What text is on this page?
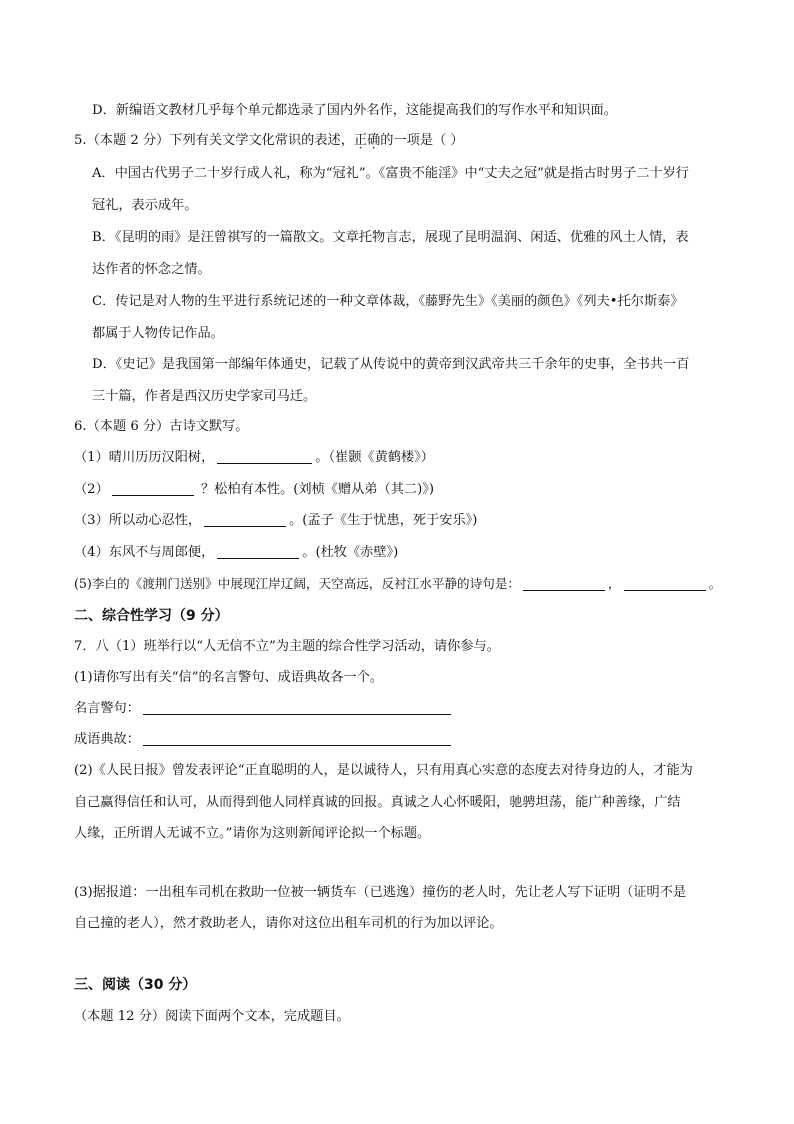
D．新编语文教材几乎每个单元都选录了国内外名作，这能提高我们的写作水平和知识面。
5.（本题 2 分）下列有关文学文化常识的表述，正确的一项是（ ）
A．中国古代男子二十岁行成人礼，称为“冠礼”。《富贵不能淫》中“丈夫之冠”就是指古时男子二十岁行
冠礼，表示成年。
B．《昆明的雨》是汪曾祺写的一篇散文。文章托物言志，展现了昆明温润、闲适、优雅的风土人情，表
达作者的怀念之情。
C．传记是对人物的生平进行系统记述的一种文章体裁，《藤野先生》《美丽的颜色》《列夫•托尔斯泰》
都属于人物传记作品。
D．《史记》是我国第一部编年体通史，记载了从传说中的黄帝到汉武帝共三千余年的史事，全书共一百
三十篇，作者是西汉历史学家司马迁。
6.（本题 6 分）古诗文默写。
（1）晴川历历汉阳树，	。（崔颢《黄鹤楼》）
（2）	？松柏有本性。(刘桢《赠从弟（其二)》)
（3）所以动心忍性，	。(孟子《生于忧患，死于安乐》)
（4）东风不与周郎便，	。(杜牧《赤壁》)
(5)李白的《渡荆门送别》中展现江岸辽阔，天空高远，反衬江水平静的诗句是：	，	。
二、综合性学习（9 分）
7．八（1）班举行以“人无信不立”为主题的综合性学习活动，请你参与。
(1)请你写出有关“信”的名言警句、成语典故各一个。
名言警句：
成语典故：
(2)《人民日报》曾发表评论“正直聪明的人，是以诚待人，只有用真心实意的态度去对待身边的人，才能为
自己赢得信任和认可，从而得到他人同样真诚的回报。真诚之人心怀暖阳，驰骋坦荡，能广种善缘，广结
人缘，正所谓人无诚不立。”请你为这则新闻评论拟一个标题。
(3)据报道：一出租车司机在救助一位被一辆货车（已逃逸）撞伤的老人时，先让老人写下证明（证明不是
自己撞的老人），然才救助老人，请你对这位出租车司机的行为加以评论。
三、阅读（30 分）
（本题 12 分）阅读下面两个文本，完成题目。
